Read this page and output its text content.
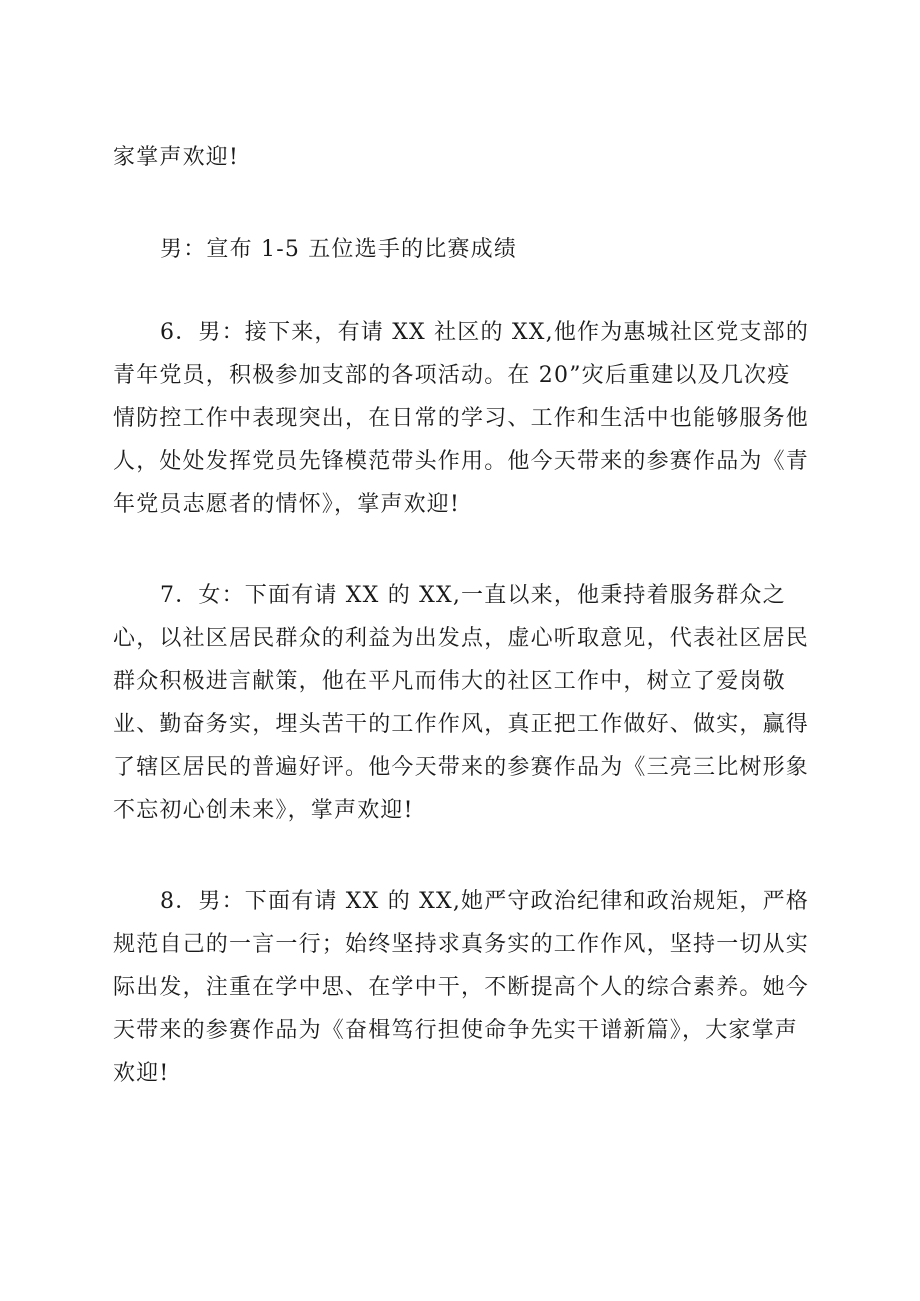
家掌声欢迎!
男：宣布 1-5 五位选手的比赛成绩
6．男：接下来，有请 XX 社区的 XX,他作为惠城社区党支部的
青年党员，积极参加支部的各项活动。在 20”灾后重建以及几次疫
情防控工作中表现突出，在日常的学习、工作和生活中也能够服务他
人，处处发挥党员先锋模范带头作用。他今天带来的参赛作品为《青
年党员志愿者的情怀》，掌声欢迎!
7．女：下面有请 XX 的 XX,一直以来，他秉持着服务群众之
心，以社区居民群众的利益为出发点，虚心听取意见，代表社区居民
群众积极进言献策，他在平凡而伟大的社区工作中，树立了爱岗敬
业、勤奋务实，埋头苦干的工作作风，真正把工作做好、做实，赢得
了辖区居民的普遍好评。他今天带来的参赛作品为《三亮三比树形象
不忘初心创未来》，掌声欢迎!
8．男：下面有请 XX 的 XX,她严守政治纪律和政治规矩，严格
规范自己的一言一行；始终坚持求真务实的工作作风，坚持一切从实
际出发，注重在学中思、在学中干，不断提高个人的综合素养。她今
天带来的参赛作品为《奋楫笃行担使命争先实干谱新篇》，大家掌声
欢迎!
